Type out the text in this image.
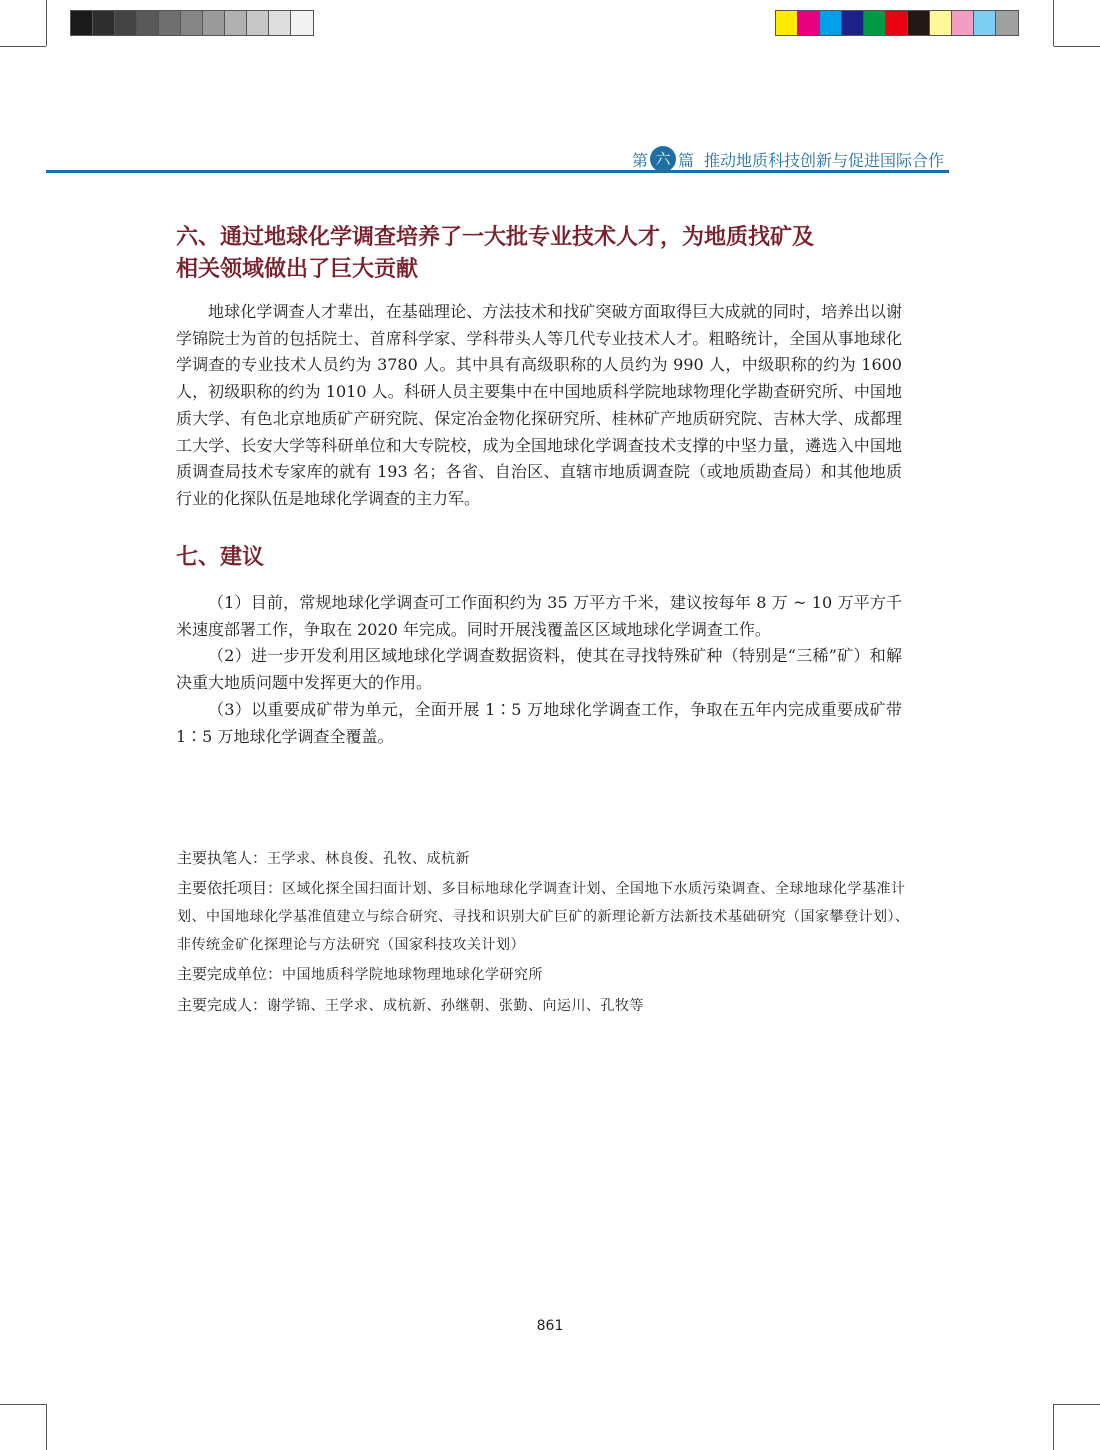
第 六 篇 推动地质科技创新与促进国际合作
六、通过地球化学调查培养了一大批专业技术人才，为地质找矿及
相关领域做出了巨大贡献

地球化学调查人才辈出，在基础理论、方法技术和找矿突破方面取得巨大成就的同时，培养出以谢学锦院士为首的包括院士、首席科学家、学科带头人等几代专业技术人才。粗略统计，全国从事地球化学调查的专业技术人员约为 3780 人。其中具有高级职称的人员约为 990 人，中级职称的约为 1600 人，初级职称的约为 1010 人。科研人员主要集中在中国地质科学院地球物理化学勘查研究所、中国地质大学、有色北京地质矿产研究院、保定冶金物化探研究所、桂林矿产地质研究院、吉林大学、成都理工大学、长安大学等科研单位和大专院校，成为全国地球化学调查技术支撑的中坚力量，遴选入中国地质调查局技术专家库的就有 193 名；各省、自治区、直辖市地质调查院（或地质勘查局）和其他地质行业的化探队伍是地球化学调查的主力军。

七、建议

（1）目前，常规地球化学调查可工作面积约为 35 万平方千米，建议按每年 8 万 ~ 10 万平方千米速度部署工作，争取在 2020 年完成。同时开展浅覆盖区区域地球化学调查工作。

（2）进一步开发利用区域地球化学调查数据资料，使其在寻找特殊矿种（特别是“三稀”矿）和解决重大地质问题中发挥更大的作用。

（3）以重要成矿带为单元，全面开展 1∶5 万地球化学调查工作，争取在五年内完成重要成矿带 1∶5 万地球化学调查全覆盖。

主要执笔人：王学求、林良俊、孔牧、成杭新
主要依托项目：区域化探全国扫面计划、多目标地球化学调查计划、全国地下水质污染调查、全球地球化学基准计划、中国地球化学基准值建立与综合研究、寻找和识别大矿巨矿的新理论新方法新技术基础研究（国家攀登计划）、非传统金矿化探理论与方法研究（国家科技攻关计划）
主要完成单位：中国地质科学院地球物理地球化学研究所
主要完成人：谢学锦、王学求、成杭新、孙继朝、张勤、向运川、孔牧等
861
